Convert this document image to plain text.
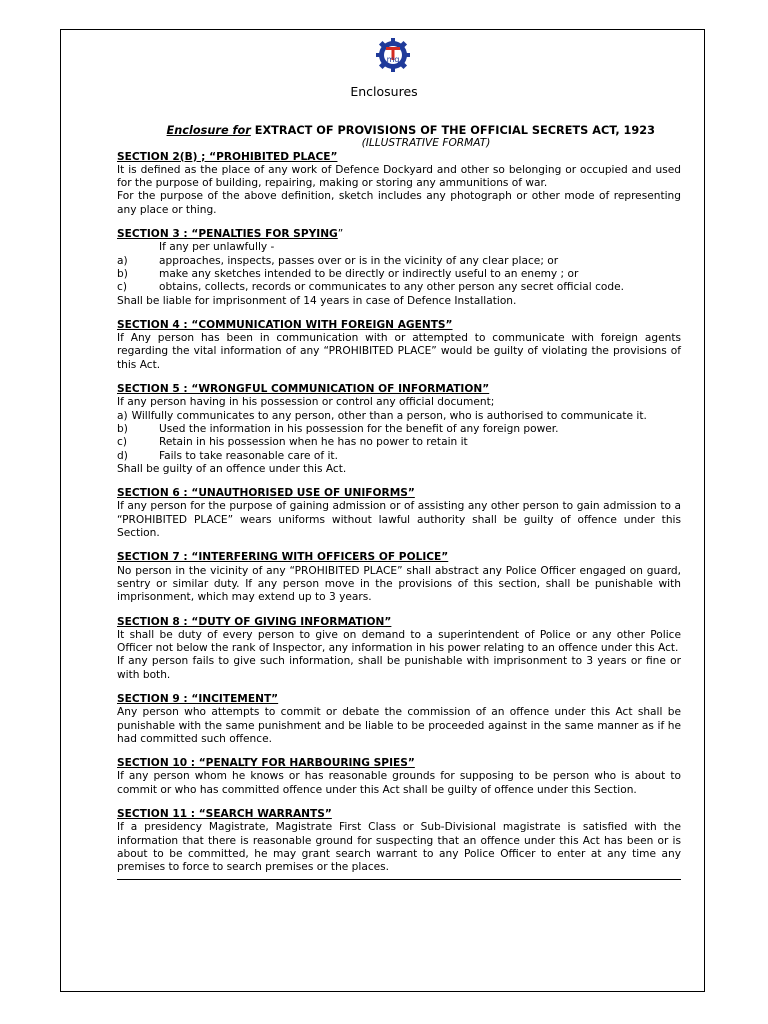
mq
Enclosures
Enclosure for EXTRACT OF PROVISIONS OF THE OFFICIAL SECRETS ACT, 1923
(ILLUSTRATIVE FORMAT)
SECTION 2(B) ; “PROHIBITED PLACE”

It is defined as the place of any work of Defence Dockyard and other so belonging or occupied and used for the purpose of building, repairing, making or storing any ammunitions of war.

For the purpose of the above definition, sketch includes any photograph or other mode of representing any place or thing.

SECTION 3 : “PENALTIES FOR SPYING”
If any per unlawfully -
a)	approaches, inspects, passes over or is in the vicinity of any clear place; or
b)	make any sketches intended to be directly or indirectly useful to an enemy ; or
c)	obtains, collects, records or communicates to any other person any secret official code.

Shall be liable for imprisonment of 14 years in case of Defence Installation.

SECTION 4 : “COMMUNICATION WITH FOREIGN AGENTS”

If Any person has been in communication with or attempted to communicate with foreign agents regarding the vital information of any “PROHIBITED PLACE” would be guilty of violating the provisions of this Act.

SECTION 5 : “WRONGFUL COMMUNICATION OF INFORMATION”

If any person having in his possession or control any official document;

a) Willfully communicates to any person, other than a person, who is authorised to communicate it.
b)	Used the information in his possession for the benefit of any foreign power.
c)	Retain in his possession when he has no power to retain it
d)	Fails to take reasonable care of it.

Shall be guilty of an offence under this Act.

SECTION 6 : “UNAUTHORISED USE OF UNIFORMS”

If any person for the purpose of gaining admission or of assisting any other person to gain admission to a “PROHIBITED PLACE” wears uniforms without lawful authority shall be guilty of offence under this Section.

SECTION 7 : “INTERFERING WITH OFFICERS OF POLICE”

No person in the vicinity of any “PROHIBITED PLACE” shall abstract any Police Officer engaged on guard, sentry or similar duty. If any person move in the provisions of this section, shall be punishable with imprisonment, which may extend up to 3 years.

SECTION 8 : “DUTY OF GIVING INFORMATION”

It shall be duty of every person to give on demand to a superintendent of Police or any other Police Officer not below the rank of Inspector, any information in his power relating to an offence under this Act.

If any person fails to give such information, shall be punishable with imprisonment to 3 years or fine or with both.

SECTION 9 : “INCITEMENT”

Any person who attempts to commit or debate the commission of an offence under this Act shall be punishable with the same punishment and be liable to be proceeded against in the same manner as if he had committed such offence.

SECTION 10 : “PENALTY FOR HARBOURING SPIES”

If any person whom he knows or has reasonable grounds for supposing to be person who is about to commit or who has committed offence under this Act shall be guilty of offence under this Section.

SECTION 11 : “SEARCH WARRANTS”

If a presidency Magistrate, Magistrate First Class or Sub-Divisional magistrate is satisfied with the information that there is reasonable ground for suspecting that an offence under this Act has been or is about to be committed, he may grant search warrant to any Police Officer to enter at any time any premises to force to search premises or the places.
